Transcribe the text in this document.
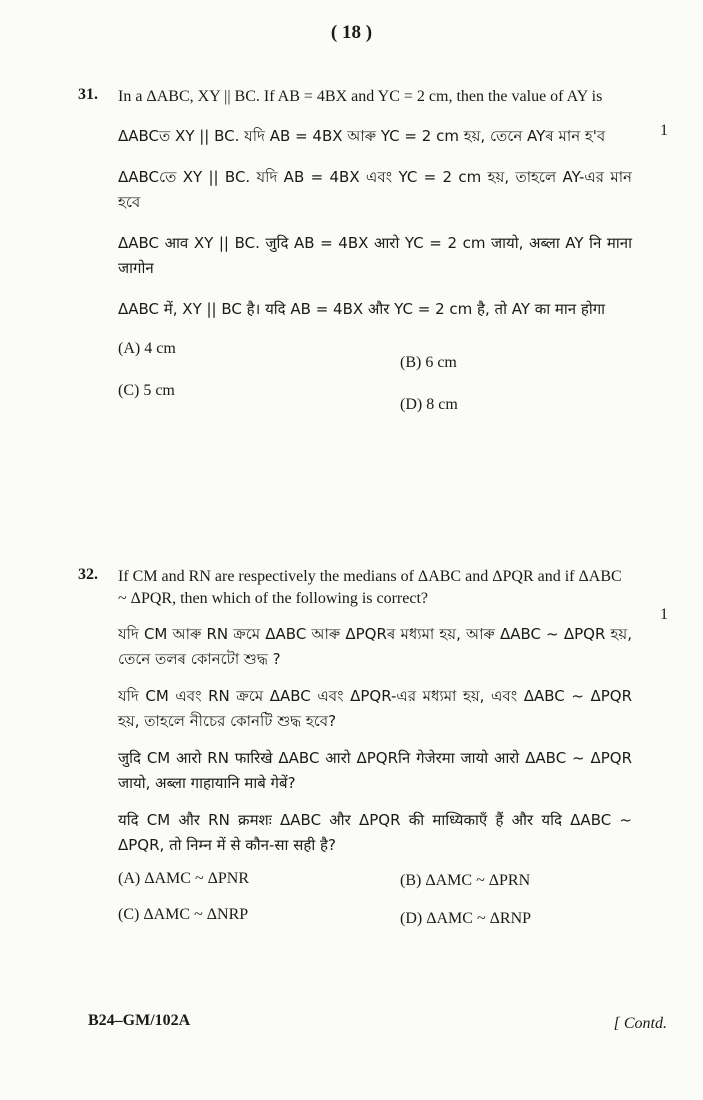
( 18 )
31.	In a ΔABC, XY || BC. If AB = 4BX and YC = 2 cm, then the value of AY is
ΔABCত XY || BC. যদি AB = 4BX আৰু YC = 2 cm হয়, তেনে AYৰ মান হ'ব
ΔABCতে XY || BC. যদি AB = 4BX এবং YC = 2 cm হয়, তাহলে AY-এর মান হবে
ΔABC आव XY || BC. जुदि AB = 4BX आरो YC = 2 cm जायो, अब्ला AY नि माना जागोन
ΔABC में, XY || BC है। यदि AB = 4BX और YC = 2 cm है, तो AY का मान होगा
(A) 4 cm
(B) 6 cm
(C) 5 cm
(D) 8 cm
1
32.	If CM and RN are respectively the medians of ΔABC and ΔPQR and if ΔABC ~ ΔPQR, then which of the following is correct?
যদি CM আৰু RN ক্ৰমে ΔABC আৰু ΔPQRৰ মধ্যমা হয়, আৰু ΔABC ~ ΔPQR হয়, তেনে তলৰ কোনটো শুদ্ধ ?
যদি CM এবং RN ক্রমে ΔABC এবং ΔPQR-এর মধ্যমা হয়, এবং ΔABC ~ ΔPQR হয়, তাহলে নীচের কোনটি শুদ্ধ হবে?
जुदि CM आरो RN फारिखे ΔABC आरो ΔPQRनि गेजेरमा जायो आरो ΔABC ~ ΔPQR जायो, अब्ला गाहायानि माबे गेबें?
यदि CM और RN क्रमशः ΔABC और ΔPQR की माध्यिकाएँ हैं और यदि ΔABC ~ ΔPQR, तो निम्न में से कौन-सा सही है?
(A) ΔAMC ~ ΔPNR	(B) ΔAMC ~ ΔPRN
(C) ΔAMC ~ ΔNRP	(D) ΔAMC ~ ΔRNP
1
B24–GM/102A	[ Contd.
